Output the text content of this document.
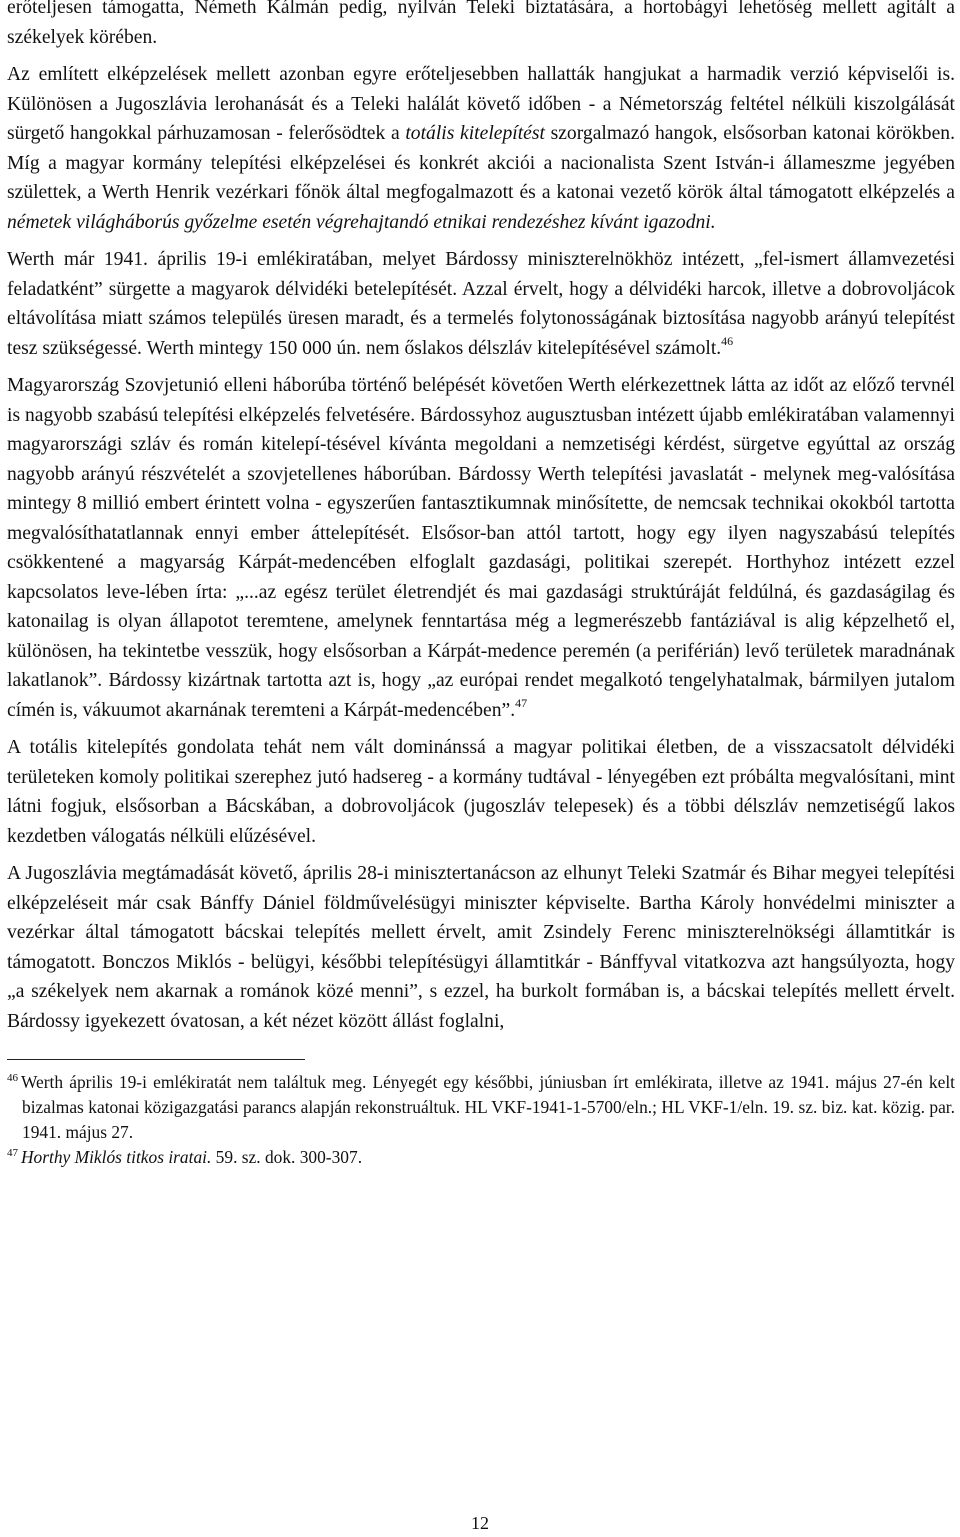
erőteljesen támogatta, Németh Kálmán pedig, nyilván Teleki biztatására, a hortobágyi lehetőség mellett agitált a székelyek körében.

Az említett elképzelések mellett azonban egyre erőteljesebben hallatták hangjukat a harmadik verzió képviselői is. Különösen a Jugoszlávia lerohanását és a Teleki halálát követő időben - a Németország feltétel nélküli kiszolgálását sürgető hangokkal párhuzamosan - felerősödtek a totális kitelepítést szorgalmazó hangok, elsősorban katonai körökben. Míg a magyar kormány telepítési elképzelései és konkrét akciói a nacionalista Szent István-i állameszme jegyében születtek, a Werth Henrik vezérkari főnök által megfogalmazott és a katonai vezető körök által támogatott elképzelés a németek világháborús győzelme esetén végrehajtandó etnikai rendezéshez kívánt igazodni.

Werth már 1941. április 19-i emlékiratában, melyet Bárdossy miniszterelnökhöz intézett, „fel-ismert államvezetési feladatként” sürgette a magyarok délvidéki betelepítését. Azzal érvelt, hogy a délvidéki harcok, illetve a dobrovoljácok eltávolítása miatt számos település üresen maradt, és a termelés folytonosságának biztosítása nagyobb arányú telepítést tesz szükségessé. Werth mintegy 150 000 ún. nem őslakos délszláv kitelepítésével számolt.$^{46}$

Magyarország Szovjetunió elleni háborúba történő belépését követően Werth elérkezettnek látta az időt az előző tervnél is nagyobb szabású telepítési elképzelés felvetésére. Bárdossyhoz augusztusban intézett újabb emlékiratában valamennyi magyarországi szláv és román kitelepí-tésével kívánta megoldani a nemzetiségi kérdést, sürgetve egyúttal az ország nagyobb arányú részvételét a szovjetellenes háborúban. Bárdossy Werth telepítési javaslatát - melynek meg-valósítása mintegy 8 millió embert érintett volna - egyszerűen fantasztikumnak minősítette, de nemcsak technikai okokból tartotta megvalósíthatatlannak ennyi ember áttelepítését. Elsősor-ban attól tartott, hogy egy ilyen nagyszabású telepítés csökkentené a magyarság Kárpát-medencében elfoglalt gazdasági, politikai szerepét. Horthyhoz intézett ezzel kapcsolatos leve-lében írta: „...az egész terület életrendjét és mai gazdasági struktúráját feldúlná, és gazdaságilag és katonailag is olyan állapotot teremtene, amelynek fenntartása még a legmerészebb fantáziával is alig képzelhető el, különösen, ha tekintetbe vesszük, hogy elsősorban a Kárpát-medence peremén (a periférián) levő területek maradnának lakatlanok”. Bárdossy kizártnak tartotta azt is, hogy „az európai rendet megalkotó tengelyhatalmak, bármilyen jutalom címén is, vákuumot akarnának teremteni a Kárpát-medencében”.$^{47}$

A totális kitelepítés gondolata tehát nem vált dominánssá a magyar politikai életben, de a visszacsatolt délvidéki területeken komoly politikai szerephez jutó hadsereg - a kormány tudtával - lényegében ezt próbálta megvalósítani, mint látni fogjuk, elsősorban a Bácskában, a dobrovoljácok (jugoszláv telepesek) és a többi délszláv nemzetiségű lakos kezdetben válogatás nélküli elűzésével.

A Jugoszlávia megtámadását követő, április 28-i minisztertanácson az elhunyt Teleki Szatmár és Bihar megyei telepítési elképzeléseit már csak Bánffy Dániel földművelésügyi miniszter képviselte. Bartha Károly honvédelmi miniszter a vezérkar által támogatott bácskai telepítés mellett érvelt, amit Zsindely Ferenc miniszterelnökségi államtitkár is támogatott. Bonczos Miklós - belügyi, későbbi telepítésügyi államtitkár - Bánffyval vitatkozva azt hangsúlyozta, hogy „a székelyek nem akarnak a románok közé menni”, s ezzel, ha burkolt formában is, a bácskai telepítés mellett érvelt. Bárdossy igyekezett óvatosan, a két nézet között állást foglalni,

$^{46}$ Werth április 19-i emlékiratát nem találtuk meg. Lényegét egy későbbi, júniusban írt emlékirata, illetve az 1941. május 27-én kelt bizalmas katonai közigazgatási parancs alapján rekonstruáltuk. HL VKF-1941-1-5700/eln.; HL VKF-1/eln. 19. sz. biz. kat. közig. par. 1941. május 27.

$^{47}$ Horthy Miklós titkos iratai. 59. sz. dok. 300-307.

12
